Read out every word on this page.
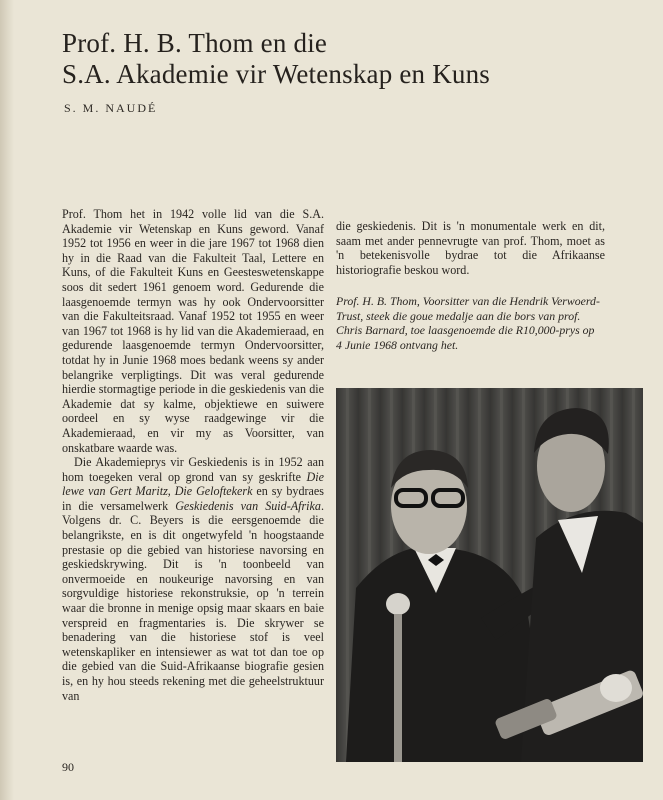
Prof. H. B. Thom en die
S.A. Akademie vir Wetenskap en Kuns
S. M. NAUDÉ

Prof. Thom het in 1942 volle lid van die S.A. Akademie vir Wetenskap en Kuns geword. Vanaf 1952 tot 1956 en weer in die jare 1967 tot 1968 dien hy in die Raad van die Fakulteit Taal, Lettere en Kuns, of die Fakulteit Kuns en Geesteswetenskappe soos dit sedert 1961 genoem word. Gedurende die laasgenoemde termyn was hy ook Ondervoorsitter van die Fakulteitsraad. Vanaf 1952 tot 1955 en weer van 1967 tot 1968 is hy lid van die Akademieraad, en gedurende laasgenoemde termyn Ondervoorsitter, totdat hy in Junie 1968 moes bedank weens sy ander belangrike verpligtings. Dit was veral gedurende hierdie stormagtige periode in die geskiedenis van die Akademie dat sy kalme, objektiewe en suiwere oordeel en sy wyse raadgewinge vir die Akademieraad, en vir my as Voorsitter, van onskatbare waarde was.

Die Akademieprys vir Geskiedenis is in 1952 aan hom toegeken veral op grond van sy geskrifte Die lewe van Gert Maritz, Die Geloftekerk en sy bydraes in die versamelwerk Geskiedenis van Suid-Afrika. Volgens dr. C. Beyers is die eersgenoemde die belangrikste, en is dit ongetwyfeld 'n hoogstaande prestasie op die gebied van historiese navorsing en geskiedskrywing. Dit is 'n toonbeeld van onvermoeide en noukeurige navorsing en van sorgvuldige historiese rekonstruksie, op 'n terrein waar die bronne in menige opsig maar skaars en baie verspreid en fragmentaries is. Die skrywer se benadering van die historiese stof is veel wetenskapliker en intensiewer as wat tot dan toe op die gebied van die Suid-Afrikaanse biografie gesien is, en hy hou steeds rekening met die geheelstruktuur van

die geskiedenis. Dit is 'n monumentale werk en dit, saam met ander pennevrugte van prof. Thom, moet as 'n betekenisvolle bydrae tot die Afrikaanse historiografie beskou word.

Prof. H. B. Thom, Voorsitter van die Hendrik Verwoerd-Trust, steek die goue medalje aan die bors van prof. Chris Barnard, toe laasgenoemde die R10,000-prys op 4 Junie 1968 ontvang het.
90
